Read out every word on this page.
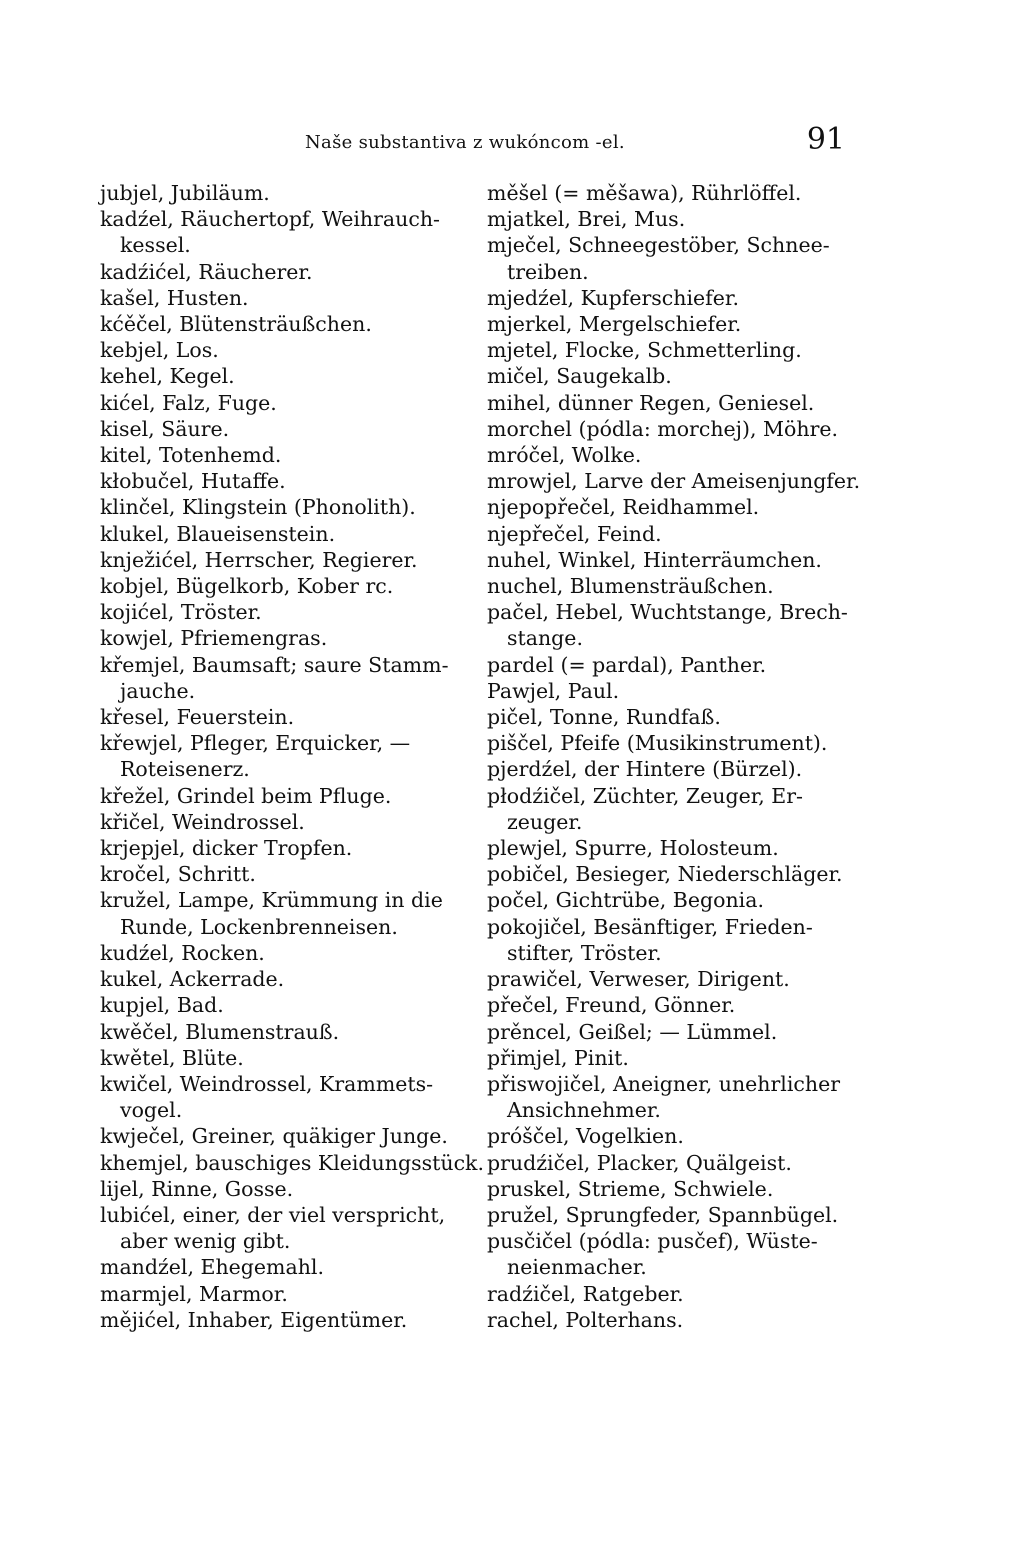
Naše substantiva z wukóncom -el.	91
jubjel, Jubiläum.
kadźel, Räuchertopf, Weihrauch-
kessel.
kadźićel, Räucherer.
kašel, Husten.
kćěčel, Blütensträußchen.
kebjel, Los.
kehel, Kegel.
kićel, Falz, Fuge.
kisel, Säure.
kitel, Totenhemd.
kłobučel, Hutaffe.
klinčel, Klingstein (Phonolith).
klukel, Blaueisenstein.
knježićel, Herrscher, Regierer.
kobjel, Bügelkorb, Kober rc.
kojićel, Tröster.
kowjel, Pfriemengras.
křemjel, Baumsaft; saure Stamm-
jauche.
křesel, Feuerstein.
křewjel, Pfleger, Erquicker, —
Roteisenerz.
křežel, Grindel beim Pfluge.
křičel, Weindrossel.
krjepjel, dicker Tropfen.
kročel, Schritt.
kružel, Lampe, Krümmung in die
Runde, Lockenbrenneisen.
kudźel, Rocken.
kukel, Ackerrade.
kupjel, Bad.
kwěčel, Blumenstrauß.
kwětel, Blüte.
kwičel, Weindrossel, Krammets-
vogel.
kwječel, Greiner, quäkiger Junge.
khemjel, bauschiges Kleidungsstück.
lijel, Rinne, Gosse.
lubićel, einer, der viel verspricht,
aber wenig gibt.
mandźel, Ehegemahl.
marmjel, Marmor.
mějićel, Inhaber, Eigentümer.
měšel (= měšawa), Rührlöffel.
mjatkel, Brei, Mus.
mječel, Schneegestöber, Schnee-
treiben.
mjedźel, Kupferschiefer.
mjerkel, Mergelschiefer.
mjetel, Flocke, Schmetterling.
mičel, Saugekalb.
mihel, dünner Regen, Geniesel.
morchel (pódla: morchej), Möhre.
mróčel, Wolke.
mrowjel, Larve der Ameisenjungfer.
njepopřečel, Reidhammel.
njepřečel, Feind.
nuhel, Winkel, Hinterräumchen.
nuchel, Blumensträußchen.
pačel, Hebel, Wuchtstange, Brech-
stange.
pardel (= pardal), Panther.
Pawjel, Paul.
pičel, Tonne, Rundfaß.
piščel, Pfeife (Musikinstrument).
pjerdźel, der Hintere (Bürzel).
płodźičel, Züchter, Zeuger, Er-
zeuger.
plewjel, Spurre, Holosteum.
pobičel, Besieger, Niederschläger.
počel, Gichtrübe, Begonia.
pokojičel, Besänftiger, Frieden-
stifter, Tröster.
prawičel, Verweser, Dirigent.
přečel, Freund, Gönner.
prěncel, Geißel; — Lümmel.
přimjel, Pinit.
přiswojičel, Aneigner, unehrlicher
Ansichnehmer.
próščel, Vogelkien.
prudźičel, Placker, Quälgeist.
pruskel, Strieme, Schwiele.
pružel, Sprungfeder, Spannbügel.
pusčičel (pódla: pusčef), Wüste-
neienmacher.
radźičel, Ratgeber.
rachel, Polterhans.
